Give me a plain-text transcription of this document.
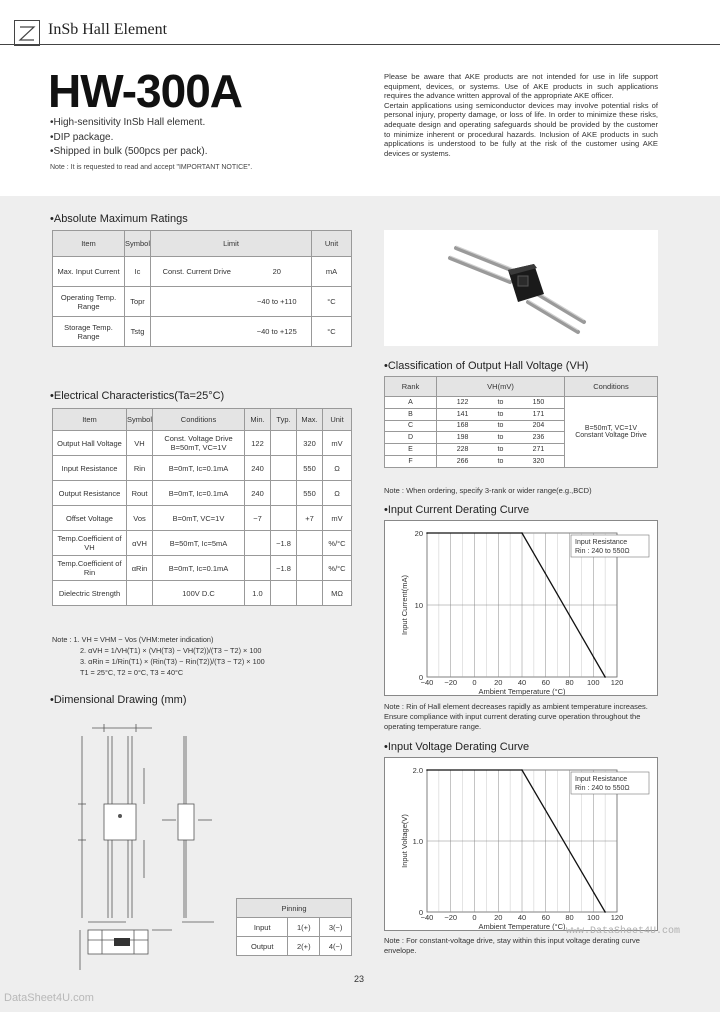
InSb Hall Element
HW-300A
•High-sensitivity InSb Hall element.
•DIP package.
•Shipped in bulk (500pcs per pack).
Note : It is requested to read and accept "IMPORTANT NOTICE".
Please be aware that AKE products are not intended for use in life support equipment, devices, or systems. Use of AKE products in such applications requires the advance written approval of the appropriate AKE officer.
Certain applications using semiconductor devices may involve potential risks of personal injury, property damage, or loss of life. In order to minimize these risks, adequate design and operating safeguards should be provided by the customer to minimize inherent or procedural hazards. Inclusion of AKE products in such applications is understood to be fully at the risk of the customer using AKE devices or systems.
•Absolute Maximum Ratings
Item	Symbol	Limit		Unit
Max. Input Current	Ic	Const. Current Drive	20	mA
Operating Temp. Range	Topr		−40 to +110	°C
Storage Temp. Range	Tstg		−40 to +125	°C
•Classification of Output Hall Voltage (VH)
Rank	VH(mV)			Conditions
A	122	to	150	B=50mT, VC=1V
Constant Voltage Drive

B	141	to	171	
C	168	to	204	
D	198	to	236	
E	228	to	271	
F	266	to	320	
Note : When ordering, specify 3-rank or wider range(e.g.,BCD)
•Electrical Characteristics(Ta=25°C)
Item	Symbol	Conditions	Min.	Typ.	Max.	Unit
Output Hall Voltage	VH	Const. Voltage Drive B=50mT, VC=1V	122		320	mV
Input Resistance	Rin	B=0mT, Ic=0.1mA	240		550	Ω
Output Resistance	Rout	B=0mT, Ic=0.1mA	240		550	Ω
Offset Voltage	Vos	B=0mT, VC=1V	−7		+7	mV
Temp.Coefficient of VH	αVH	B=50mT, Ic=5mA		−1.8		%/°C
Temp.Coefficient of Rin	αRin	B=0mT, Ic=0.1mA		−1.8		%/°C
Dielectric Strength		100V D.C	1.0			MΩ
Note : 1. VH = VHM − Vos (VHM:meter indication)
2. αVH = 1/VH(T1) × (VH(T3) − VH(T2))/(T3 − T2) × 100
3. αRin = 1/Rin(T1) × (Rin(T3) − Rin(T2))/(T3 − T2) × 100
T1 = 25°C, T2 = 0°C, T3 = 40°C
•Dimensional Drawing (mm)
Pinning		
Input	1(+)	3(−)
Output	2(+)	4(−)
•Input Current Derating Curve
−40 −20 0 20 40 60 80 100 120
0
10
20
Ambient Temperature (°C)
Input Current(mA)
Input Resistance
Rin : 240 to 550Ω
Note : Rin of Hall element decreases rapidly as ambient temperature increases. Ensure compliance with input current derating curve operation throughout the operating temperature range.
•Input Voltage Derating Curve
−40 −20 0 20 40 60 80 100 120
0
1.0
2.0
Ambient Temperature (°C)
Input Voltage(V)
Input Resistance
Rin : 240 to 550Ω
Note : For constant-voltage drive, stay within this input voltage derating curve envelope.
23
DataSheet4U.com
www.DataSheet4U.com
